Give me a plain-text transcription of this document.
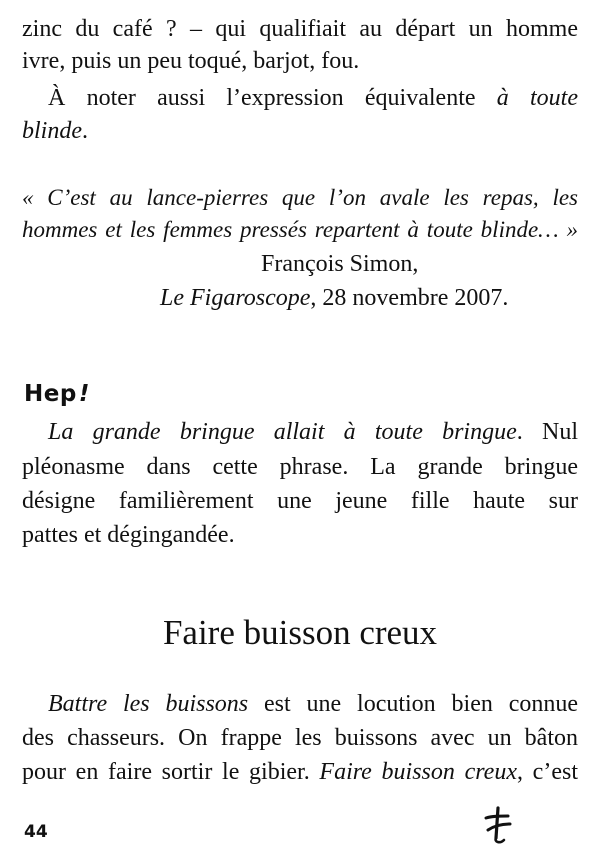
zinc du café ? – qui qualifiait au départ un homme
ivre, puis un peu toqué, barjot, fou.
À noter aussi l’expression équivalente à toute
blinde.
« C’est au lance-pierres que l’on avale les repas, les
hommes et les femmes pressés repartent à toute blinde… »
François Simon,
Le Figaroscope, 28 novembre 2007.
Hep!
La grande bringue allait à toute bringue. Nul
pléonasme dans cette phrase. La grande bringue
désigne familièrement une jeune fille haute sur
pattes et dégingandée.
Faire buisson creux
Battre les buissons est une locution bien connue
des chasseurs. On frappe les buissons avec un bâton
pour en faire sortir le gibier. Faire buisson creux, c’est
44
